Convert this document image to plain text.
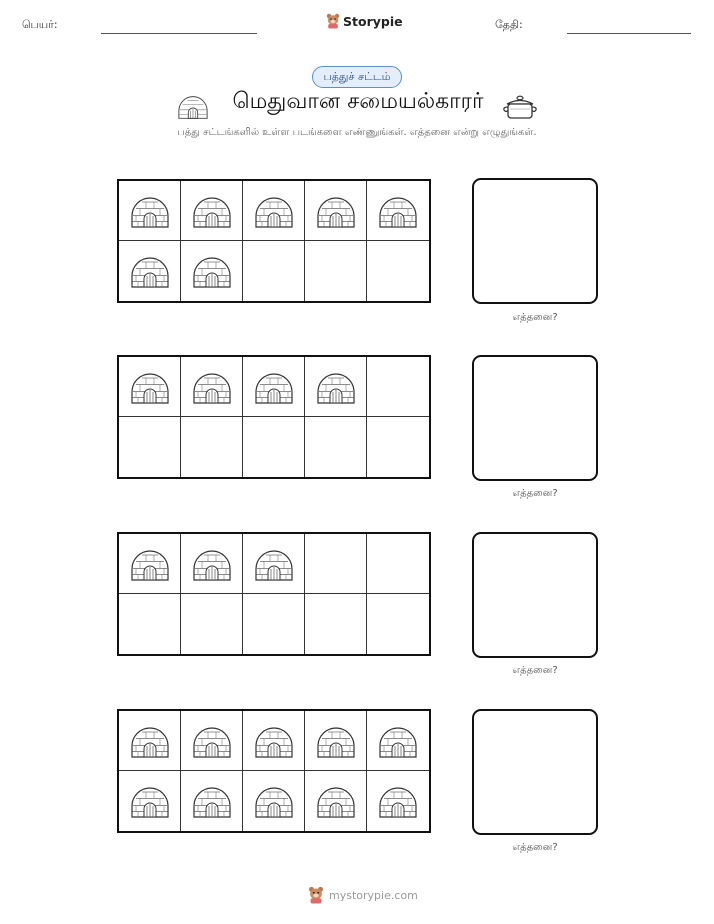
பெயர்:	Storypie	தேதி:
பத்துச் சட்டம்
மெதுவான சமையல்காரர்
பத்து சட்டங்களில் உள்ள படங்களை எண்ணுங்கள். எத்தனை என்று எழுதுங்கள்.
எத்தனை?
எத்தனை?
எத்தனை?
எத்தனை?
mystorypie.com
